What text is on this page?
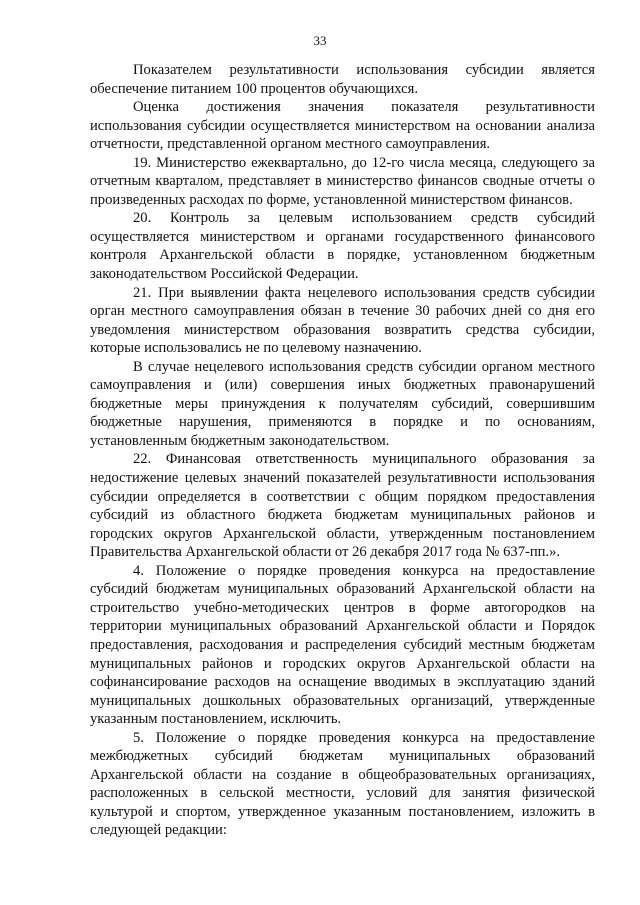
33

Показателем результативности использования субсидии является обеспечение питанием 100 процентов обучающихся.

Оценка достижения значения показателя результативности использования субсидии осуществляется министерством на основании анализа отчетности, представленной органом местного самоуправления.

19. Министерство ежеквартально, до 12-го числа месяца, следующего за отчетным кварталом, представляет в министерство финансов сводные отчеты о произведенных расходах по форме, установленной министерством финансов.

20. Контроль за целевым использованием средств субсидий осуществляется министерством и органами государственного финансового контроля Архангельской области в порядке, установленном бюджетным законодательством Российской Федерации.

21. При выявлении факта нецелевого использования средств субсидии орган местного самоуправления обязан в течение 30 рабочих дней со дня его уведомления министерством образования возвратить средства субсидии, которые использовались не по целевому назначению.

В случае нецелевого использования средств субсидии органом местного самоуправления и (или) совершения иных бюджетных правонарушений бюджетные меры принуждения к получателям субсидий, совершившим бюджетные нарушения, применяются в порядке и по основаниям, установленным бюджетным законодательством.

22. Финансовая ответственность муниципального образования за недостижение целевых значений показателей результативности использования субсидии определяется в соответствии с общим порядком предоставления субсидий из областного бюджета бюджетам муниципальных районов и городских округов Архангельской области, утвержденным постановлением Правительства Архангельской области от 26 декабря 2017 года № 637-пп.».

4. Положение о порядке проведения конкурса на предоставление субсидий бюджетам муниципальных образований Архангельской области на строительство учебно-методических центров в форме автогородков на территории муниципальных образований Архангельской области и Порядок предоставления, расходования и распределения субсидий местным бюджетам муниципальных районов и городских округов Архангельской области на софинансирование расходов на оснащение вводимых в эксплуатацию зданий муниципальных дошкольных образовательных организаций, утвержденные указанным постановлением, исключить.

5. Положение о порядке проведения конкурса на предоставление межбюджетных субсидий бюджетам муниципальных образований Архангельской области на создание в общеобразовательных организациях, расположенных в сельской местности, условий для занятия физической культурой и спортом, утвержденное указанным постановлением, изложить в следующей редакции:
